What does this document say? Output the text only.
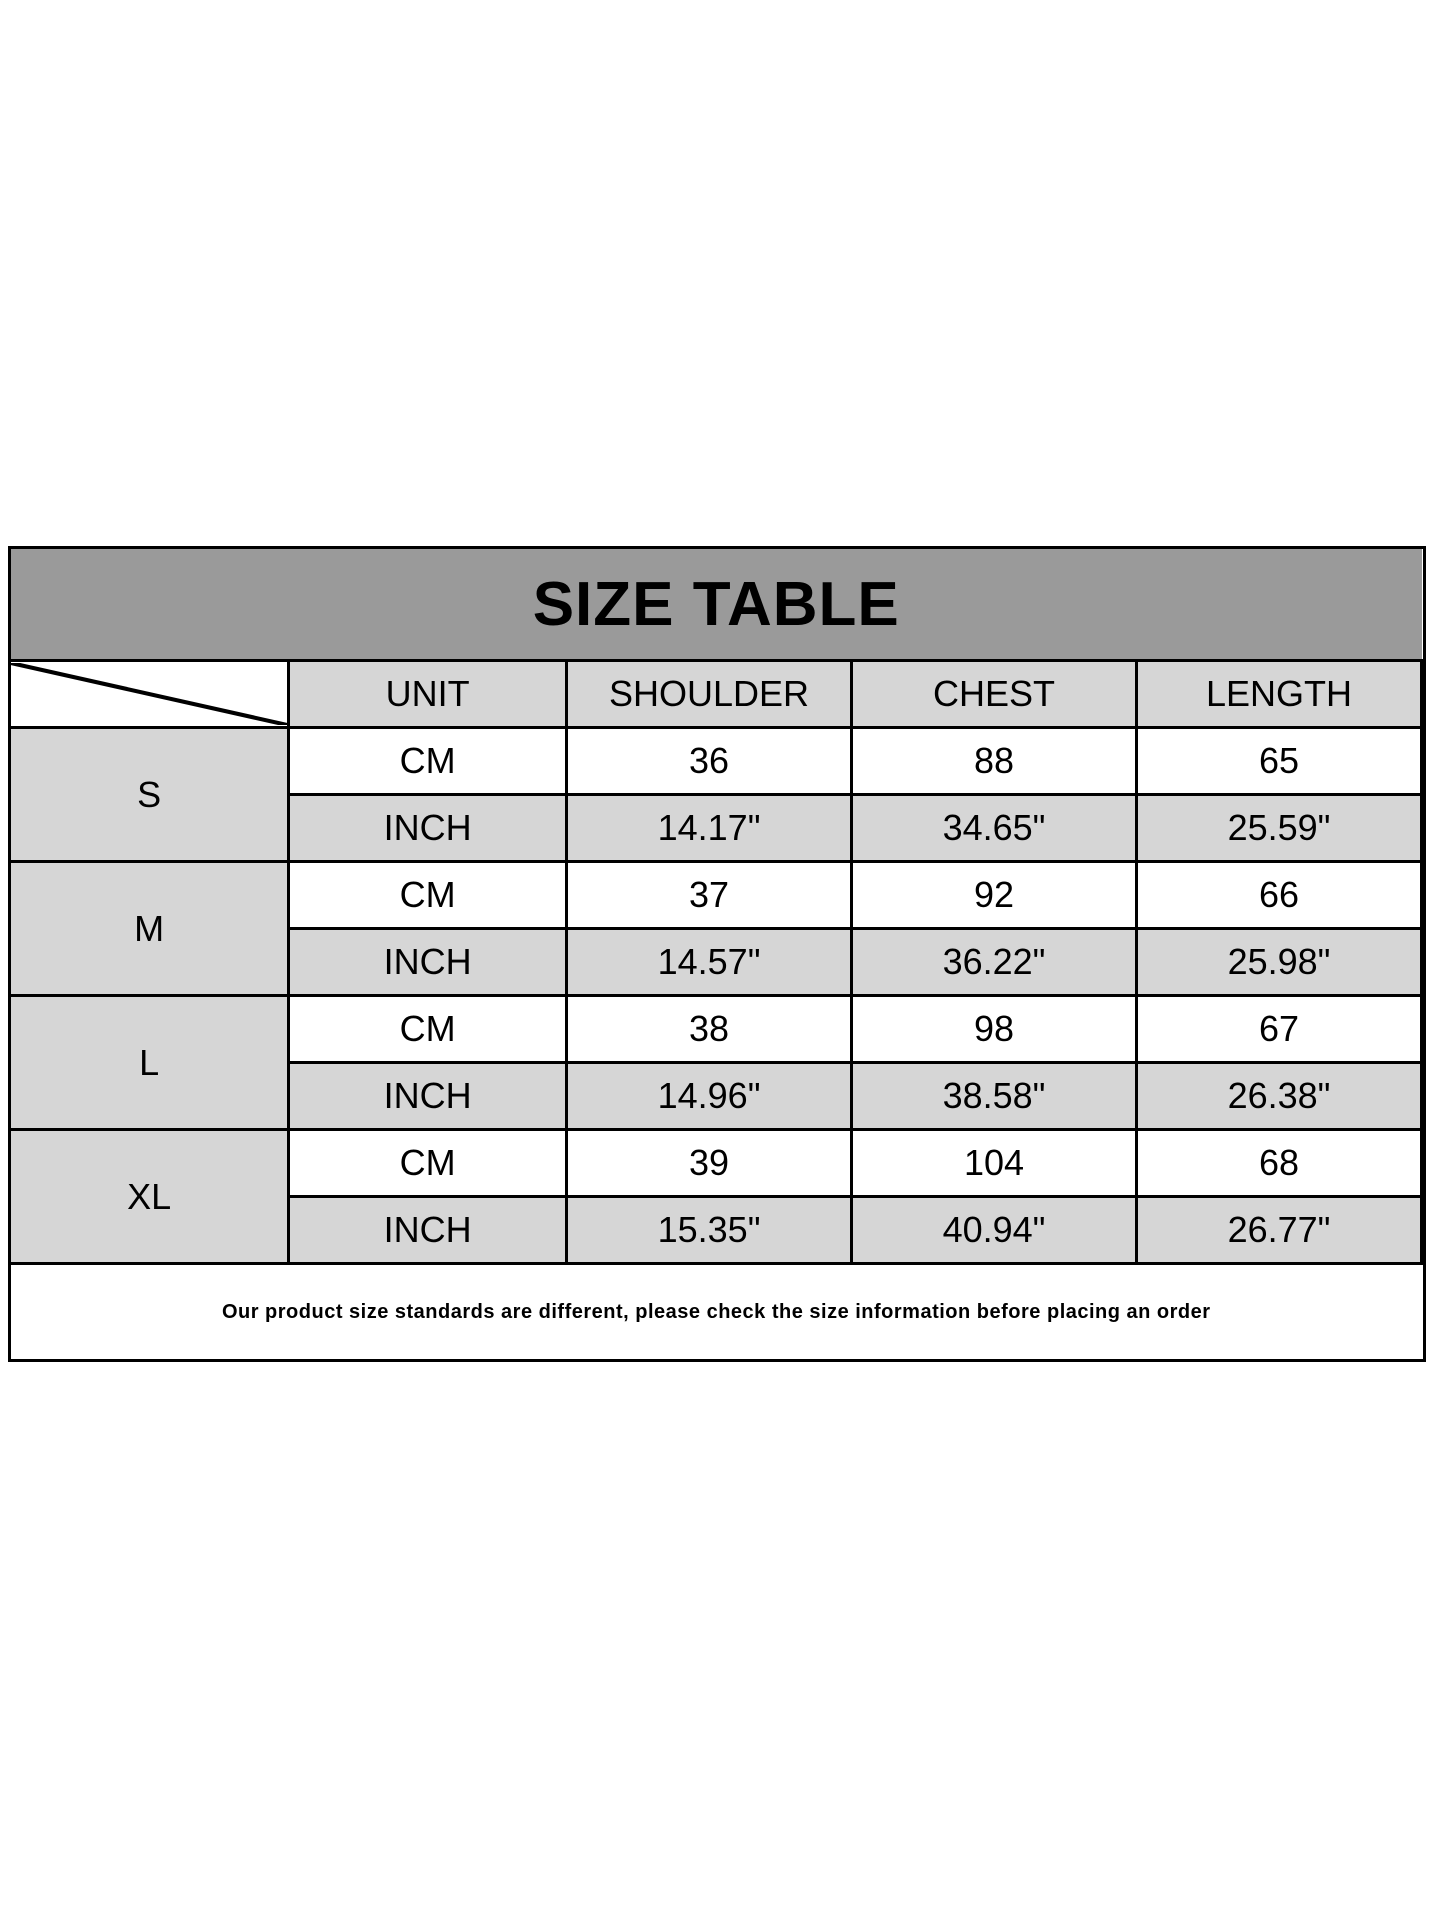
SIZE TABLE				

	UNIT	SHOULDER	CHEST	LENGTH
S	CM	36	88	65
	INCH	14.17"	34.65"	25.59"
M	CM	37	92	66
	INCH	14.57"	36.22"	25.98"
L	CM	38	98	67
	INCH	14.96"	38.58"	26.38"
XL	CM	39	104	68
	INCH	15.35"	40.94"	26.77"
Our product size standards are different, please check the size information before placing an order				
